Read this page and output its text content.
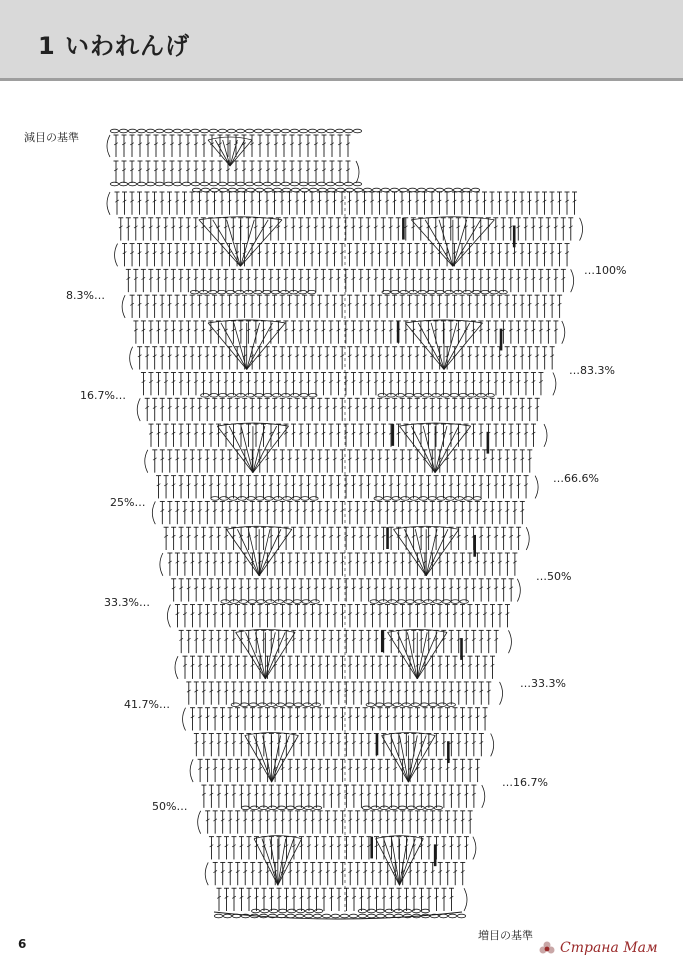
1 いわれんげ
減目の基準
増目の基準
8.3%…
16.7%…
25%…
33.3%…
41.7%…
50%…
…100%
…83.3%
…66.6%
…50%
…33.3%
…16.7%
6	Страна Мам
